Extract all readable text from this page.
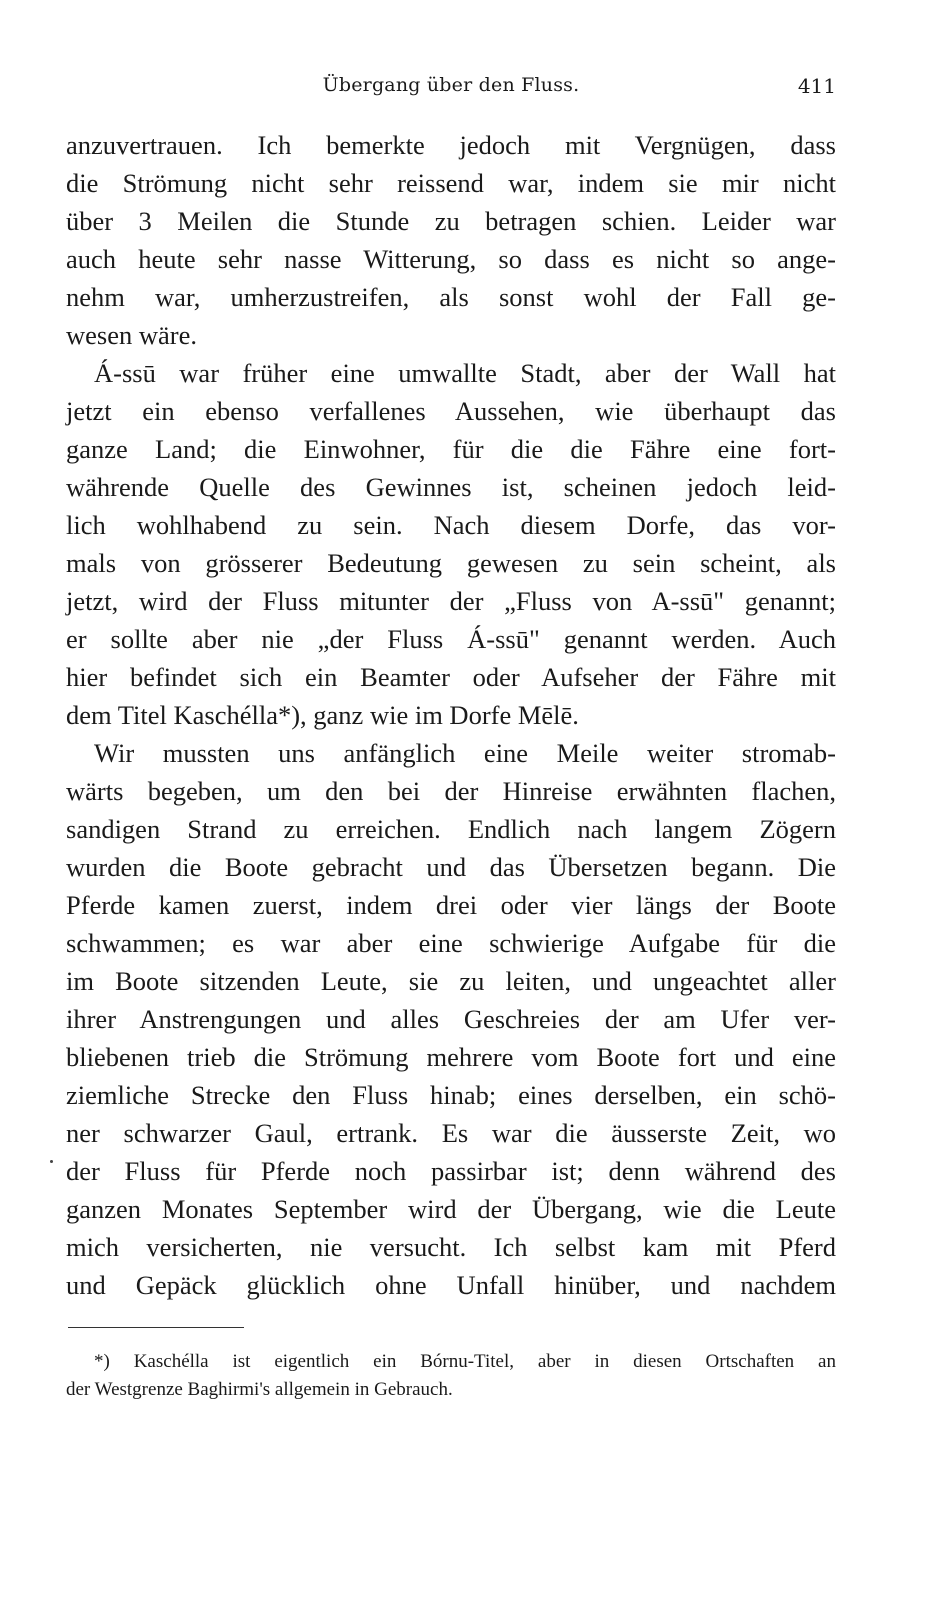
Übergang über den Fluss.	411
anzuvertrauen. Ich bemerkte jedoch mit Vergnügen, dass
die Strömung nicht sehr reissend war, indem sie mir nicht
über 3 Meilen die Stunde zu betragen schien. Leider war
auch heute sehr nasse Witterung, so dass es nicht so ange-
nehm war, umherzustreifen, als sonst wohl der Fall ge-
wesen wäre.
Á-ssū war früher eine umwallte Stadt, aber der Wall hat
jetzt ein ebenso verfallenes Aussehen, wie überhaupt das
ganze Land; die Einwohner, für die die Fähre eine fort-
währende Quelle des Gewinnes ist, scheinen jedoch leid-
lich wohlhabend zu sein. Nach diesem Dorfe, das vor-
mals von grösserer Bedeutung gewesen zu sein scheint, als
jetzt, wird der Fluss mitunter der „Fluss von A-ssū" genannt;
er sollte aber nie „der Fluss Á-ssū" genannt werden. Auch
hier befindet sich ein Beamter oder Aufseher der Fähre mit
dem Titel Kaschélla*), ganz wie im Dorfe Mēlē.
Wir mussten uns anfänglich eine Meile weiter stromab-
wärts begeben, um den bei der Hinreise erwähnten flachen,
sandigen Strand zu erreichen. Endlich nach langem Zögern
wurden die Boote gebracht und das Übersetzen begann. Die
Pferde kamen zuerst, indem drei oder vier längs der Boote
schwammen; es war aber eine schwierige Aufgabe für die
im Boote sitzenden Leute, sie zu leiten, und ungeachtet aller
ihrer Anstrengungen und alles Geschreies der am Ufer ver-
bliebenen trieb die Strömung mehrere vom Boote fort und eine
ziemliche Strecke den Fluss hinab; eines derselben, ein schö-
ner schwarzer Gaul, ertrank. Es war die äusserste Zeit, wo
der Fluss für Pferde noch passirbar ist; denn während des
ganzen Monates September wird der Übergang, wie die Leute
mich versicherten, nie versucht. Ich selbst kam mit Pferd
und Gepäck glücklich ohne Unfall hinüber, und nachdem
*) Kaschélla ist eigentlich ein Bórnu-Titel, aber in diesen Ortschaften an
der Westgrenze Baghirmi's allgemein in Gebrauch.
